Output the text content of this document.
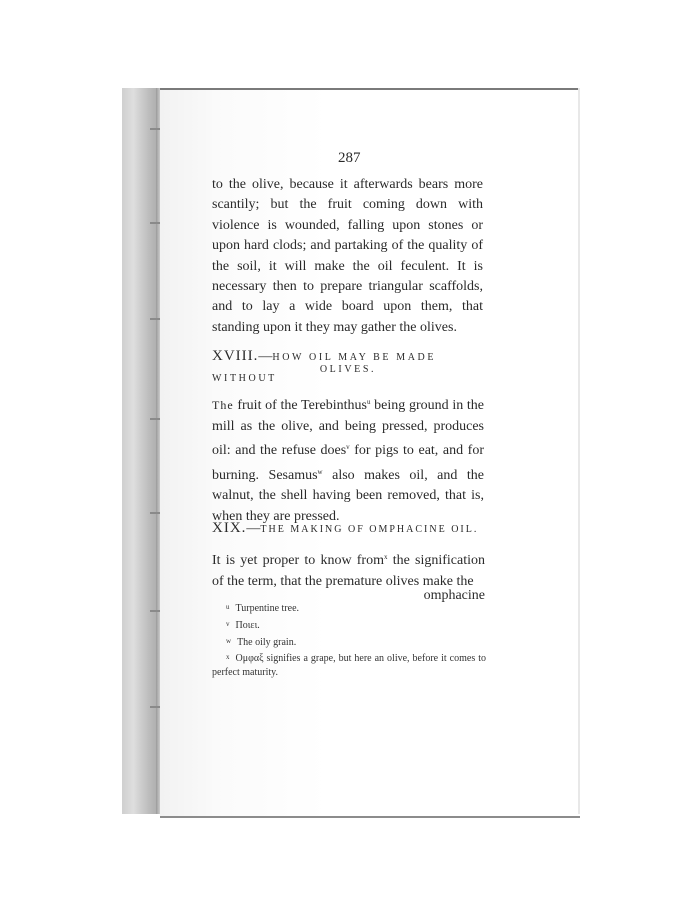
287
to the olive, because it afterwards bears more scantily; but the fruit coming down with violence is wounded, falling upon stones or upon hard clods; and partaking of the quality of the soil, it will make the oil feculent. It is necessary then to prepare triangular scaffolds, and to lay a wide board upon them, that standing upon it they may gather the olives.
XVIII.—HOW OIL MAY BE MADE WITHOUT
OLIVES.
The fruit of the Terebinthus$^u$ being ground in the mill as the olive, and being pressed, produces oil: and the refuse does$^v$ for pigs to eat, and for burning. Sesamus$^w$ also makes oil, and the walnut, the shell having been removed, that is, when they are pressed.
XIX.—THE MAKING OF OMPHACINE OIL.
It is yet proper to know from$^x$ the signification of the term, that the premature olives make the
omphacine
$^u$ Turpentine tree.
$^v$ Ποιει.
$^w$ The oily grain.
$^x$ Ομφαξ signifies a grape, but here an olive, before it comes to perfect maturity.
